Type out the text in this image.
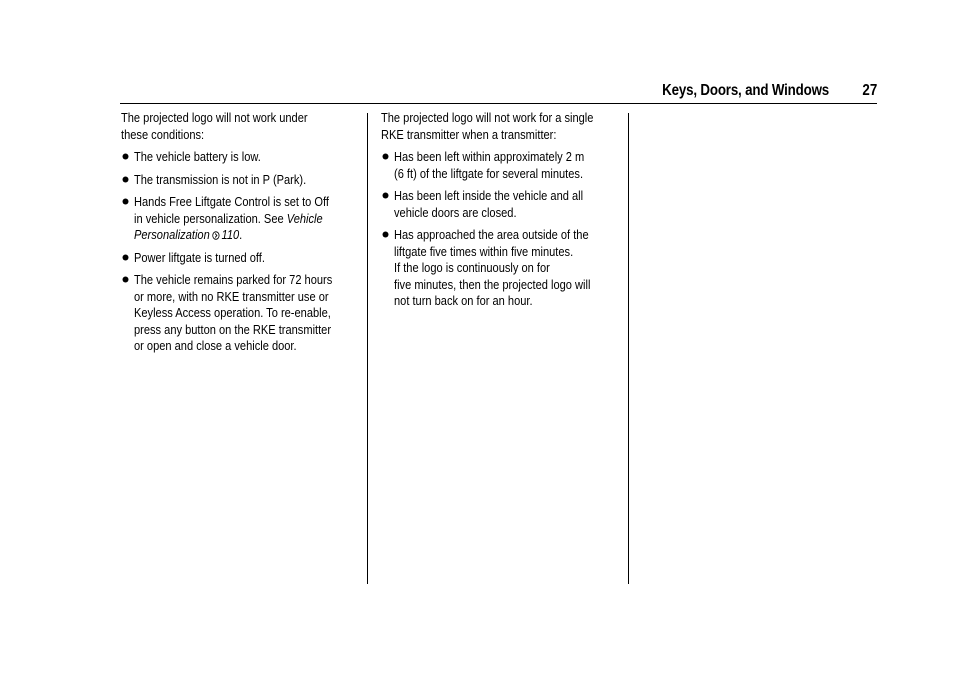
Keys, Doors, and Windows 27
The projected logo will not work under
these conditions:
The vehicle battery is low.
The transmission is not in P (Park).
Hands Free Liftgate Control is set to Off
in vehicle personalization. See Vehicle
Personalization 110.
Power liftgate is turned off.
The vehicle remains parked for 72 hours
or more, with no RKE transmitter use or
Keyless Access operation. To re-enable,
press any button on the RKE transmitter
or open and close a vehicle door.
The projected logo will not work for a single
RKE transmitter when a transmitter:
Has been left within approximately 2 m
(6 ft) of the liftgate for several minutes.
Has been left inside the vehicle and all
vehicle doors are closed.
Has approached the area outside of the
liftgate five times within five minutes.
If the logo is continuously on for
five minutes, then the projected logo will
not turn back on for an hour.
